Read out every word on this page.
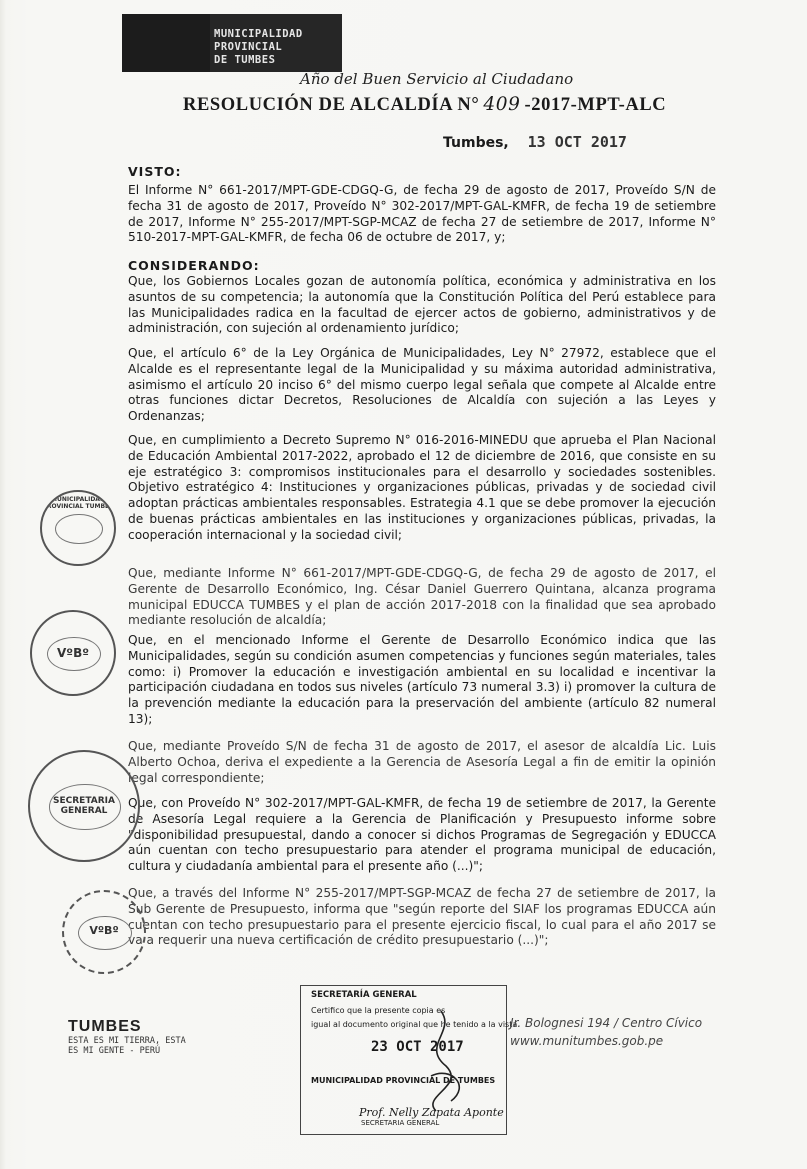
MUNICIPALIDAD
PROVINCIAL
DE TUMBES
Año del Buen Servicio al Ciudadano
RESOLUCIÓN DE ALCALDÍA N° 409 -2017-MPT-ALC
Tumbes, 13 OCT 2017
VISTO:

El Informe N° 661-2017/MPT-GDE-CDGQ-G, de fecha 29 de agosto de 2017, Proveído S/N de fecha 31 de agosto de 2017, Proveído N° 302-2017/MPT-GAL-KMFR, de fecha 19 de setiembre de 2017, Informe N° 255-2017/MPT-SGP-MCAZ de fecha 27 de setiembre de 2017, Informe N° 510-2017-MPT-GAL-KMFR, de fecha 06 de octubre de 2017, y;

CONSIDERANDO:

Que, los Gobiernos Locales gozan de autonomía política, económica y administrativa en los asuntos de su competencia; la autonomía que la Constitución Política del Perú establece para las Municipalidades radica en la facultad de ejercer actos de gobierno, administrativos y de administración, con sujeción al ordenamiento jurídico;

Que, el artículo 6° de la Ley Orgánica de Municipalidades, Ley N° 27972, establece que el Alcalde es el representante legal de la Municipalidad y su máxima autoridad administrativa, asimismo el artículo 20 inciso 6° del mismo cuerpo legal señala que compete al Alcalde entre otras funciones dictar Decretos, Resoluciones de Alcaldía con sujeción a las Leyes y Ordenanzas;

Que, en cumplimiento a Decreto Supremo N° 016-2016-MINEDU que aprueba el Plan Nacional de Educación Ambiental 2017-2022, aprobado el 12 de diciembre de 2016, que consiste en su eje estratégico 3: compromisos institucionales para el desarrollo y sociedades sostenibles. Objetivo estratégico 4: Instituciones y organizaciones públicas, privadas y de sociedad civil adoptan prácticas ambientales responsables. Estrategia 4.1 que se debe promover la ejecución de buenas prácticas ambientales en las instituciones y organizaciones públicas, privadas, la cooperación internacional y la sociedad civil;

Que, mediante Informe N° 661-2017/MPT-GDE-CDGQ-G, de fecha 29 de agosto de 2017, el Gerente de Desarrollo Económico, Ing. César Daniel Guerrero Quintana, alcanza programa municipal EDUCCA TUMBES y el plan de acción 2017-2018 con la finalidad que sea aprobado mediante resolución de alcaldía;

Que, en el mencionado Informe el Gerente de Desarrollo Económico indica que las Municipalidades, según su condición asumen competencias y funciones según materiales, tales como: i) Promover la educación e investigación ambiental en su localidad e incentivar la participación ciudadana en todos sus niveles (artículo 73 numeral 3.3) i) promover la cultura de la prevención mediante la educación para la preservación del ambiente (artículo 82 numeral 13);

Que, mediante Proveído S/N de fecha 31 de agosto de 2017, el asesor de alcaldía Lic. Luis Alberto Ochoa, deriva el expediente a la Gerencia de Asesoría Legal a fin de emitir la opinión legal correspondiente;

Que, con Proveído N° 302-2017/MPT-GAL-KMFR, de fecha 19 de setiembre de 2017, la Gerente de Asesoría Legal requiere a la Gerencia de Planificación y Presupuesto informe sobre "disponibilidad presupuestal, dando a conocer si dichos Programas de Segregación y EDUCCA aún cuentan con techo presupuestario para atender el programa municipal de educación, cultura y ciudadanía ambiental para el presente año (...)";

Que, a través del Informe N° 255-2017/MPT-SGP-MCAZ de fecha 27 de setiembre de 2017, la Sub Gerente de Presupuesto, informa que "según reporte del SIAF los programas EDUCCA aún cuentan con techo presupuestario para el presente ejercicio fiscal, lo cual para el año 2017 se va a requerir una nueva certificación de crédito presupuestario (...)";

MUNICIPALIDAD PROVINCIAL TUMBES
VºBº
SECRETARIA GENERAL
VºBº
SECRETARÍA GENERAL
Certifico que la presente copia es
igual al documento original que he tenido a la vista
23 OCT 2017
MUNICIPALIDAD PROVINCIAL DE TUMBES
Prof. Nelly Zapata Aponte
SECRETARIA GENERAL
TUMBES
ESTA ES MI TIERRA, ESTA
ES MI GENTE - PERÚ
Jr. Bolognesi 194 / Centro Cívico
www.munitumbes.gob.pe
